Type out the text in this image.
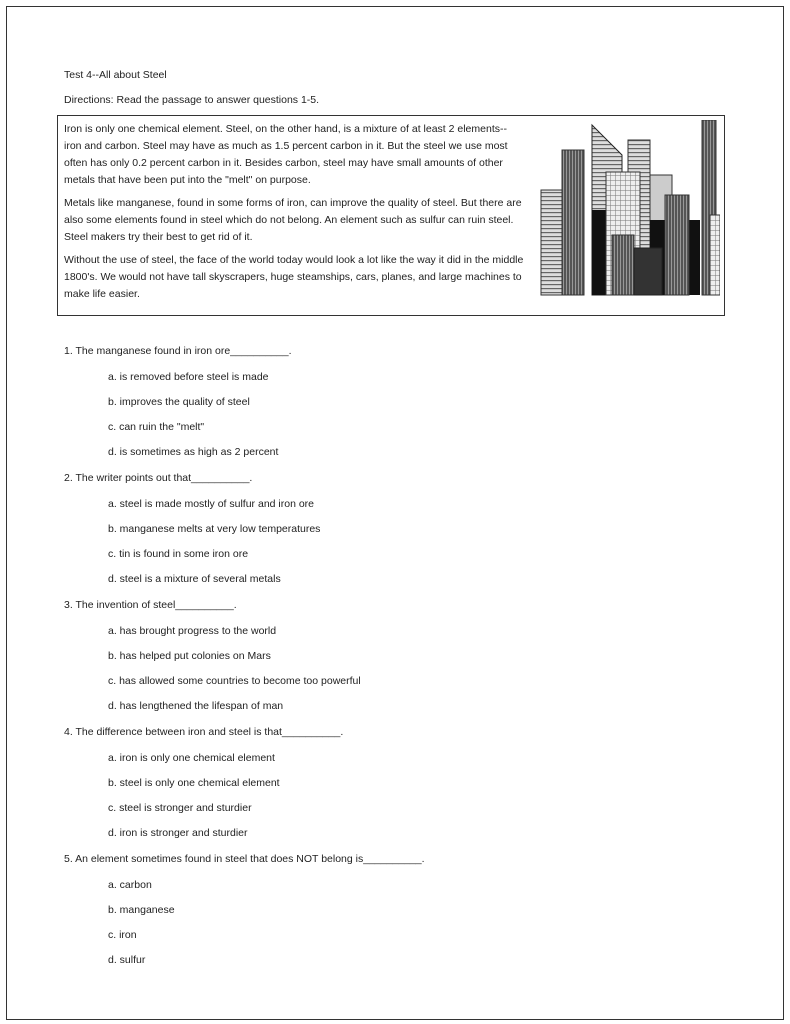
Test 4--All about Steel
Directions: Read the passage to answer questions 1-5.
Iron is only one chemical element. Steel, on the other hand, is a mixture of at least 2 elements--iron and carbon. Steel may have as much as 1.5 percent carbon in it. But the steel we use most often has only 0.2 percent carbon in it. Besides carbon, steel may have small amounts of other metals that have been put into the "melt" on purpose.
Metals like manganese, found in some forms of iron, can improve the quality of steel. But there are also some elements found in steel which do not belong. An element such as sulfur can ruin steel. Steel makers try their best to get rid of it.
Without the use of steel, the face of the world today would look a lot like the way it did in the middle 1800's. We would not have tall skyscrapers, huge steamships, cars, planes, and large machines to make life easier.
1. The manganese found in iron ore__________.
a. is removed before steel is made
b. improves the quality of steel
c. can ruin the "melt"
d. is sometimes as high as 2 percent
2. The writer points out that__________.
a. steel is made mostly of sulfur and iron ore
b. manganese melts at very low temperatures
c. tin is found in some iron ore
d. steel is a mixture of several metals
3. The invention of steel__________.
a. has brought progress to the world
b. has helped put colonies on Mars
c. has allowed some countries to become too powerful
d. has lengthened the lifespan of man
4. The difference between iron and steel is that__________.
a. iron is only one chemical element
b. steel is only one chemical element
c. steel is stronger and sturdier
d. iron is stronger and sturdier
5. An element sometimes found in steel that does NOT belong is__________.
a. carbon
b. manganese
c. iron
d. sulfur
